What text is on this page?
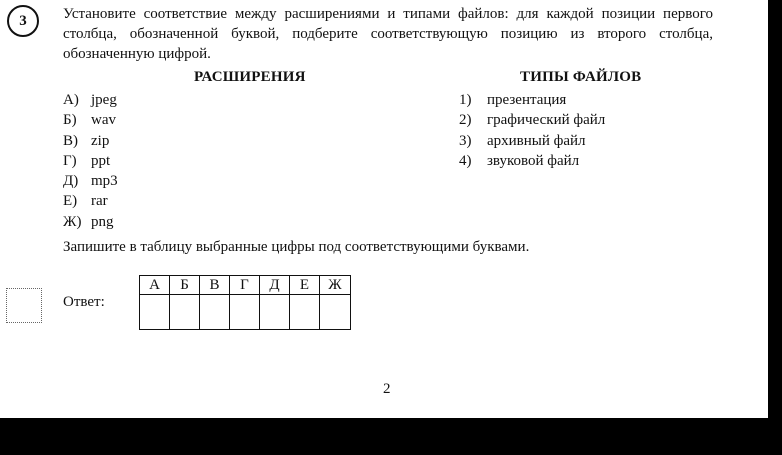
3 Установите соответствие между расширениями и типами файлов: для каждой позиции первого столбца, обозначенной буквой, подберите соответствующую позицию из второго столбца, обозначенную цифрой.

РАСШИРЕНИЯ	ТИПЫ ФАЙЛОВ
А) jpeg
Б) wav
В) zip
Г) ppt
Д) mp3
Е) rar
Ж) png
1) презентация
2) графический файл
3) архивный файл
4) звуковой файл
Запишите в таблицу выбранные цифры под соответствующими буквами.
Ответ:
А	Б	В	Г	Д	Е	Ж

2
